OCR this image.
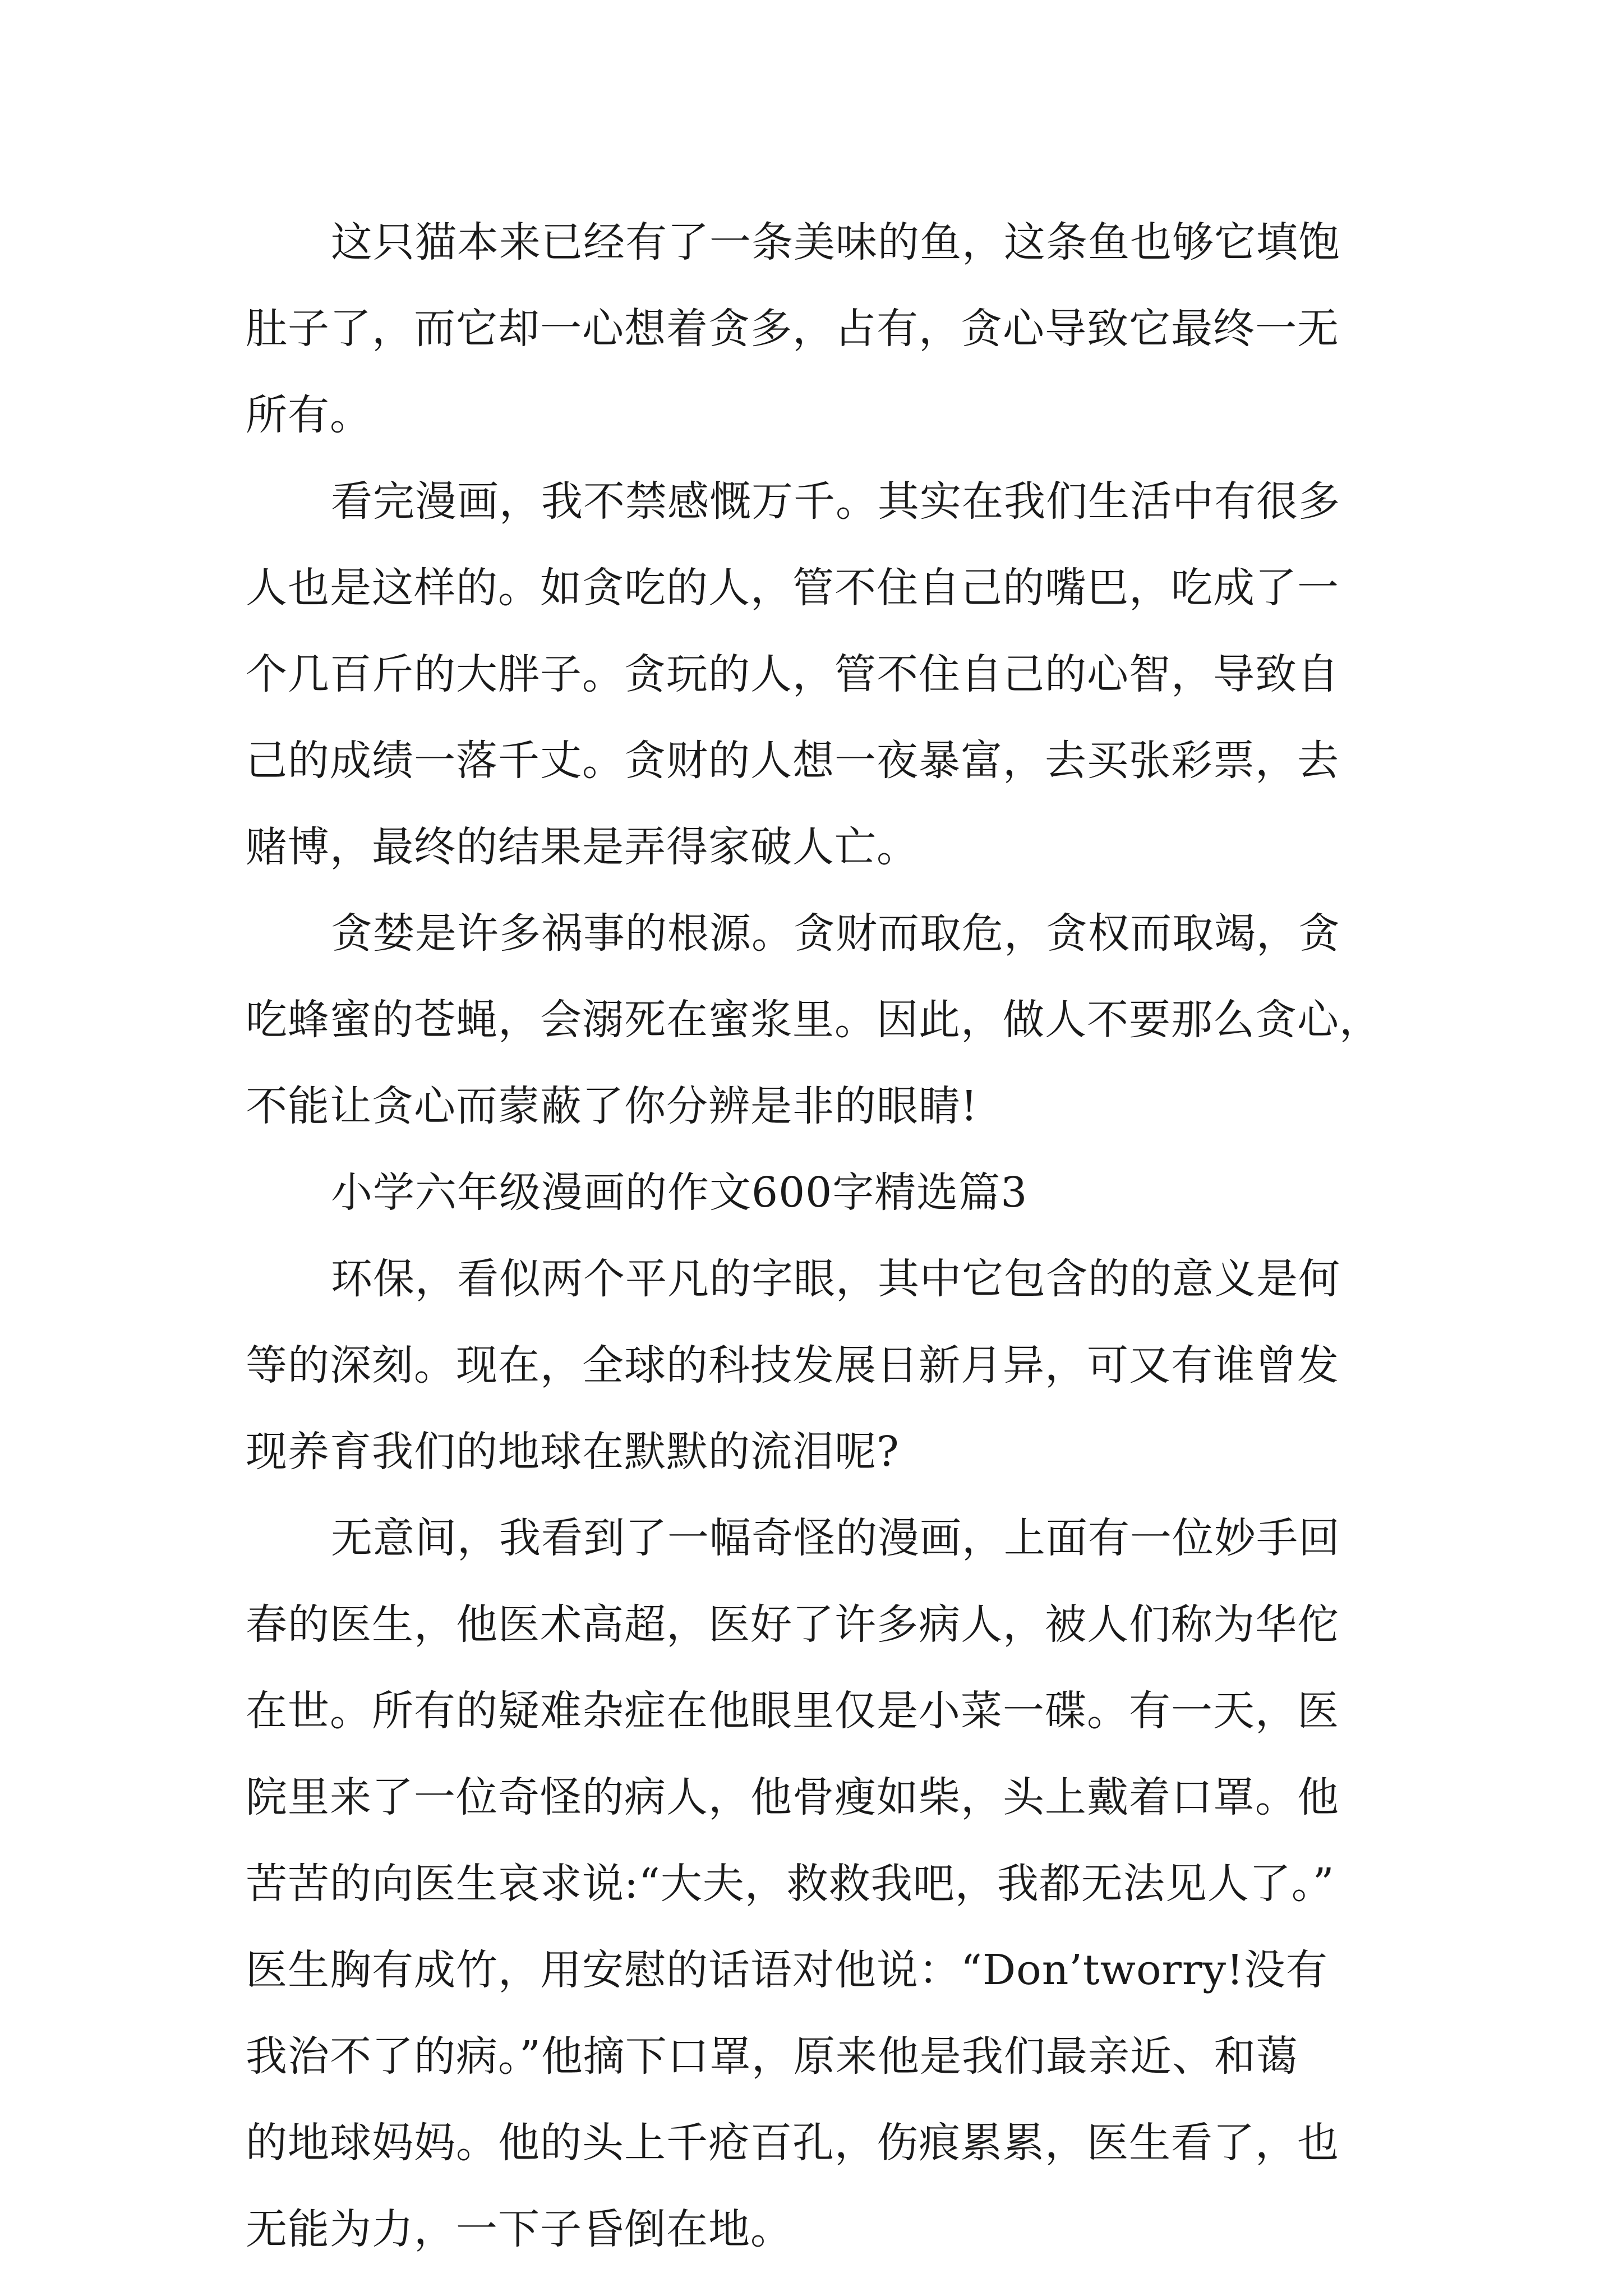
这只猫本来已经有了一条美味的鱼，这条鱼也够它填饱
肚子了，而它却一心想着贪多，占有，贪心导致它最终一无
所有。
看完漫画，我不禁感慨万千。其实在我们生活中有很多
人也是这样的。如贪吃的人，管不住自己的嘴巴，吃成了一
个几百斤的大胖子。贪玩的人，管不住自己的心智，导致自
己的成绩一落千丈。贪财的人想一夜暴富，去买张彩票，去
赌博，最终的结果是弄得家破人亡。
贪婪是许多祸事的根源。贪财而取危，贪权而取竭，贪
吃蜂蜜的苍蝇，会溺死在蜜浆里。因此，做人不要那么贪心，
不能让贪心而蒙蔽了你分辨是非的眼睛!
小学六年级漫画的作文600字精选篇3
环保，看似两个平凡的字眼，其中它包含的的意义是何
等的深刻。现在，全球的科技发展日新月异，可又有谁曾发
现养育我们的地球在默默的流泪呢?
无意间，我看到了一幅奇怪的漫画，上面有一位妙手回
春的医生，他医术高超，医好了许多病人，被人们称为华佗
在世。所有的疑难杂症在他眼里仅是小菜一碟。有一天，医
院里来了一位奇怪的病人，他骨瘦如柴，头上戴着口罩。他
苦苦的向医生哀求说:“大夫，救救我吧，我都无法见人了。”
医生胸有成竹，用安慰的话语对他说：“Don’tworry!没有
我治不了的病。”他摘下口罩，原来他是我们最亲近、和蔼
的地球妈妈。他的头上千疮百孔，伤痕累累，医生看了，也
无能为力，一下子昏倒在地。
